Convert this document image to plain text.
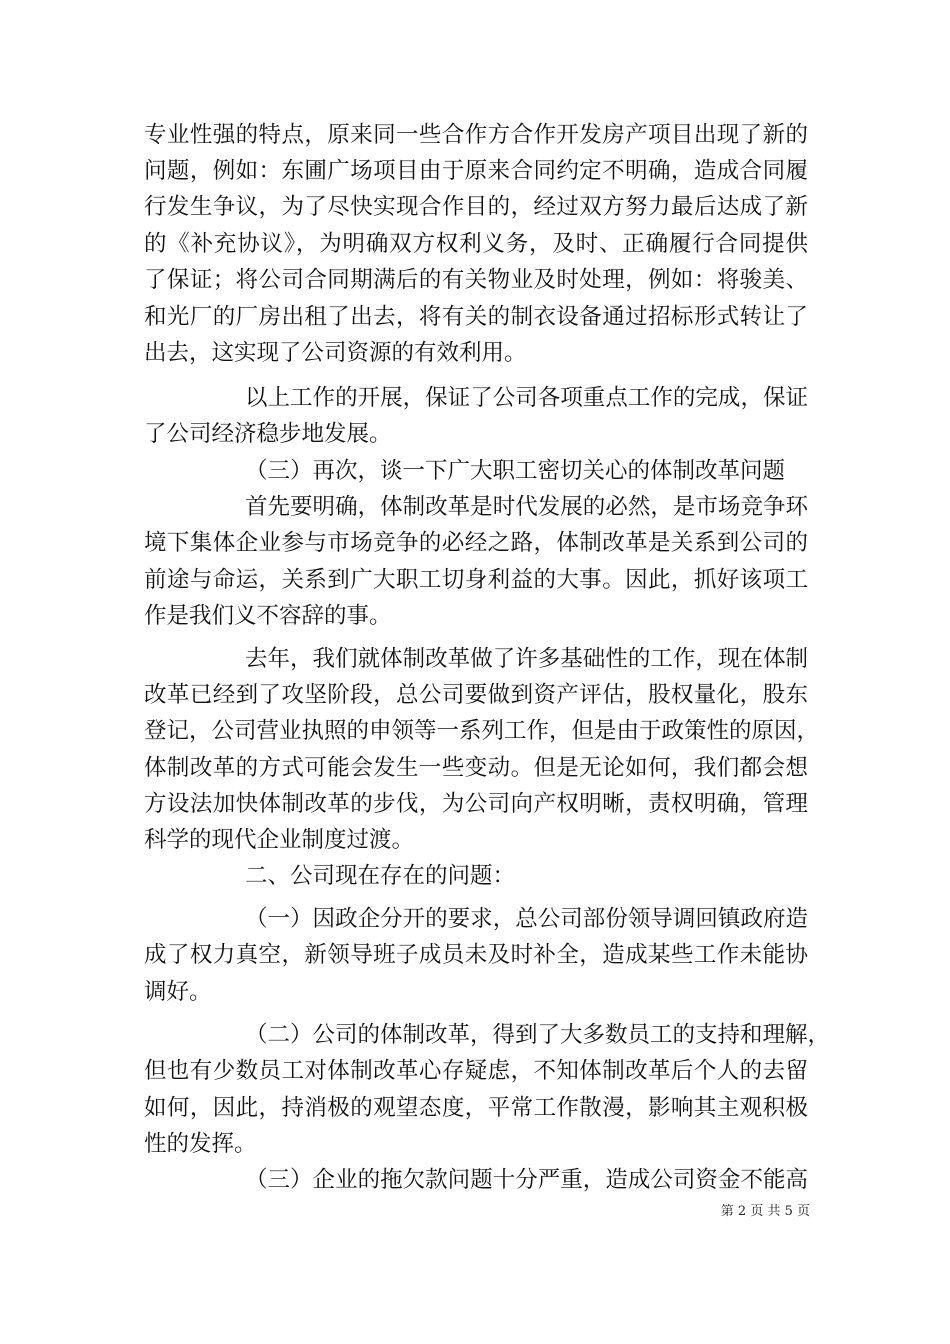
专业性强的特点，原来同一些合作方合作开发房产项目出现了新的
问题，例如：东圃广场项目由于原来合同约定不明确，造成合同履
行发生争议，为了尽快实现合作目的，经过双方努力最后达成了新
的《补充协议》，为明确双方权利义务，及时、正确履行合同提供
了保证；将公司合同期满后的有关物业及时处理，例如：将骏美、
和光厂的厂房出租了出去，将有关的制衣设备通过招标形式转让了
出去，这实现了公司资源的有效利用。
以上工作的开展，保证了公司各项重点工作的完成，保证
了公司经济稳步地发展。
（三）再次，谈一下广大职工密切关心的体制改革问题
首先要明确，体制改革是时代发展的必然，是市场竞争环
境下集体企业参与市场竞争的必经之路，体制改革是关系到公司的
前途与命运，关系到广大职工切身利益的大事。因此，抓好该项工
作是我们义不容辞的事。
去年，我们就体制改革做了许多基础性的工作，现在体制
改革已经到了攻坚阶段，总公司要做到资产评估，股权量化，股东
登记，公司营业执照的申领等一系列工作，但是由于政策性的原因，
体制改革的方式可能会发生一些变动。但是无论如何，我们都会想
方设法加快体制改革的步伐，为公司向产权明晰，责权明确，管理
科学的现代企业制度过渡。
二、公司现在存在的问题：
（一）因政企分开的要求，总公司部份领导调回镇政府造
成了权力真空，新领导班子成员未及时补全，造成某些工作未能协
调好。
（二）公司的体制改革，得到了大多数员工的支持和理解，
但也有少数员工对体制改革心存疑虑，不知体制改革后个人的去留
如何，因此，持消极的观望态度，平常工作散漫，影响其主观积极
性的发挥。
（三）企业的拖欠款问题十分严重，造成公司资金不能高
第 2 页 共 5 页
